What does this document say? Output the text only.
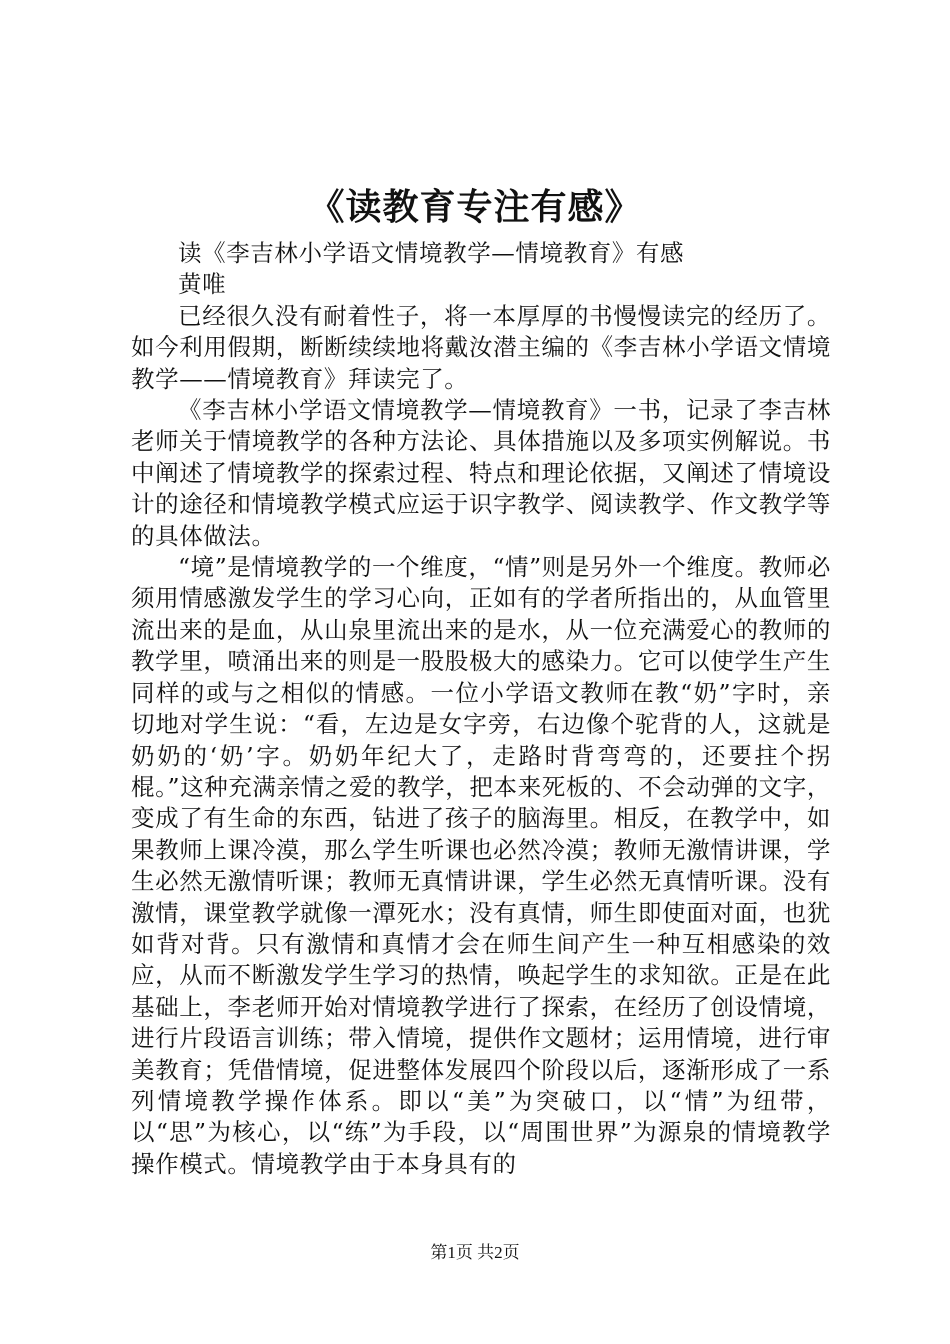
《读教育专注有感》

读《李吉林小学语文情境教学—情境教育》有感

黄唯

已经很久没有耐着性子，将一本厚厚的书慢慢读完的经历了。如今利用假期，断断续续地将戴汝潜主编的《李吉林小学语文情境教学——情境教育》拜读完了。

《李吉林小学语文情境教学—情境教育》一书，记录了李吉林老师关于情境教学的各种方法论、具体措施以及多项实例解说。书中阐述了情境教学的探索过程、特点和理论依据，又阐述了情境设计的途径和情境教学模式应运于识字教学、阅读教学、作文教学等的具体做法。

“境”是情境教学的一个维度，“情”则是另外一个维度。教师必须用情感激发学生的学习心向，正如有的学者所指出的，从血管里流出来的是血，从山泉里流出来的是水，从一位充满爱心的教师的教学里，喷涌出来的则是一股股极大的感染力。它可以使学生产生同样的或与之相似的情感。一位小学语文教师在教“奶”字时，亲切地对学生说：“看，左边是女字旁，右边像个驼背的人，这就是奶奶的‘奶’字。奶奶年纪大了，走路时背弯弯的，还要拄个拐棍。”这种充满亲情之爱的教学，把本来死板的、不会动弹的文字，变成了有生命的东西，钻进了孩子的脑海里。相反，在教学中，如果教师上课冷漠，那么学生听课也必然冷漠；教师无激情讲课，学生必然无激情听课；教师无真情讲课，学生必然无真情听课。没有激情，课堂教学就像一潭死水；没有真情，师生即使面对面，也犹如背对背。只有激情和真情才会在师生间产生一种互相感染的效应，从而不断激发学生学习的热情，唤起学生的求知欲。正是在此基础上，李老师开始对情境教学进行了探索，在经历了创设情境，进行片段语言训练；带入情境，提供作文题材；运用情境，进行审美教育；凭借情境，促进整体发展四个阶段以后，逐渐形成了一系列情境教学操作体系。即以“美”为突破口，以“情”为纽带，以“思”为核心，以“练”为手段，以“周围世界”为源泉的情境教学操作模式。情境教学由于本身具有的

第1页 共2页
